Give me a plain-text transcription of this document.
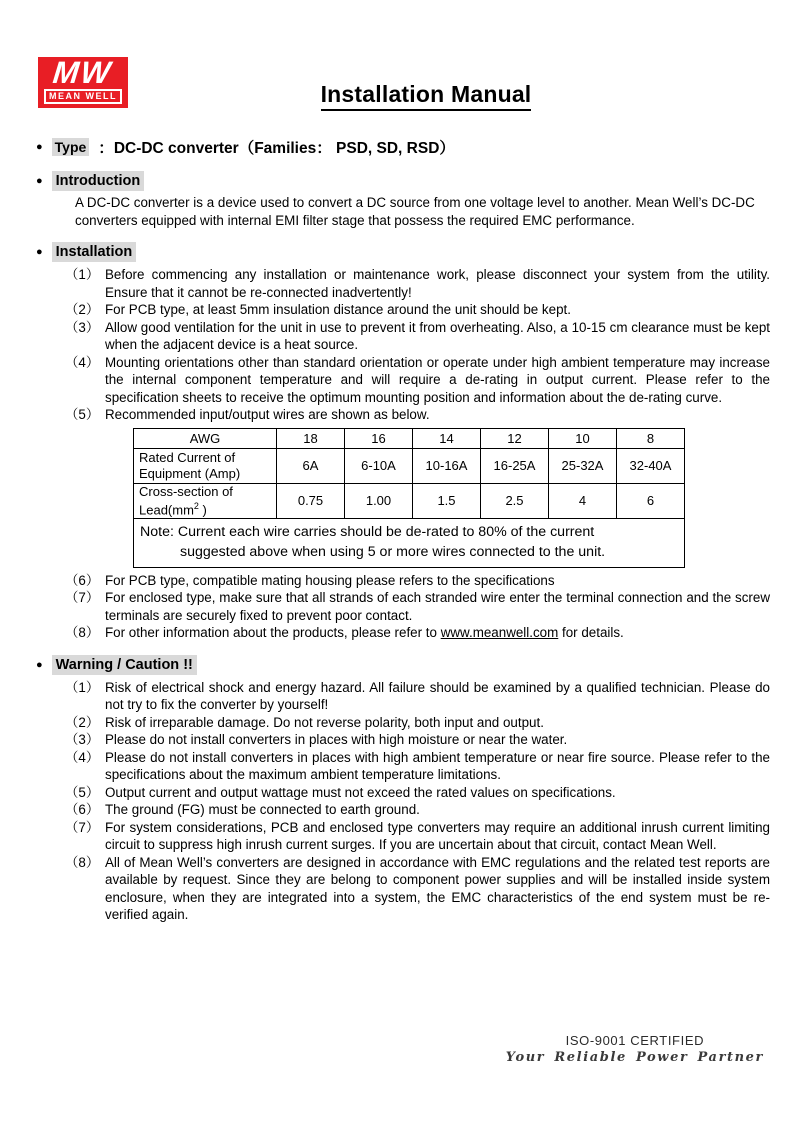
MW
MEAN WELL	Installation Manual
● Type ：DC-DC converter（Families： PSD, SD, RSD）
● Introduction
A DC-DC converter is a device used to convert a DC source from one voltage level to another. Mean Well’s DC-DC converters equipped with internal EMI filter stage that possess the required EMC performance.
● Installation
（1） Before commencing any installation or maintenance work, please disconnect your system from the utility. Ensure that it cannot be re-connected inadvertently!
（2） For PCB type, at least 5mm insulation distance around the unit should be kept.
（3） Allow good ventilation for the unit in use to prevent it from overheating. Also, a 10-15 cm clearance must be kept when the adjacent device is a heat source.
（4） Mounting orientations other than standard orientation or operate under high ambient temperature may increase the internal component temperature and will require a de-rating in output current. Please refer to the specification sheets to receive the optimum mounting position and information about the de-rating curve.
（5） Recommended input/output wires are shown as below.
AWG	18	16	14	12	10	8
Rated Current of Equipment (Amp)	6A	6-10A	10-16A	16-25A	25-32A	32-40A
Cross-section of $Lead(mm^2$ )	0.75	1.00	1.5	2.5	4	6

Note: Current each wire carries should be de-rated to 80% of the current
suggested above when using 5 or more wires connected to the unit.						
（6） For PCB type, compatible mating housing please refers to the specifications
（7） For enclosed type, make sure that all strands of each stranded wire enter the terminal connection and the screw terminals are securely fixed to prevent poor contact.
（8） For other information about the products, please refer to www.meanwell.com for details.
● Warning / Caution !!
（1） Risk of electrical shock and energy hazard. All failure should be examined by a qualified technician. Please do not try to fix the converter by yourself!
（2） Risk of irreparable damage. Do not reverse polarity, both input and output.
（3） Please do not install converters in places with high moisture or near the water.
（4） Please do not install converters in places with high ambient temperature or near fire source. Please refer to the specifications about the maximum ambient temperature limitations.
（5） Output current and output wattage must not exceed the rated values on specifications.
（6） The ground (FG) must be connected to earth ground.
（7） For system considerations, PCB and enclosed type converters may require an additional inrush current limiting circuit to suppress high inrush current surges. If you are uncertain about that circuit, contact Mean Well.
（8） All of Mean Well’s converters are designed in accordance with EMC regulations and the related test reports are available by request. Since they are belong to component power supplies and will be installed inside system enclosure, when they are integrated into a system, the EMC characteristics of the end system must be re-verified again.
ISO-9001 CERTIFIED
Your Reliable Power Partner
